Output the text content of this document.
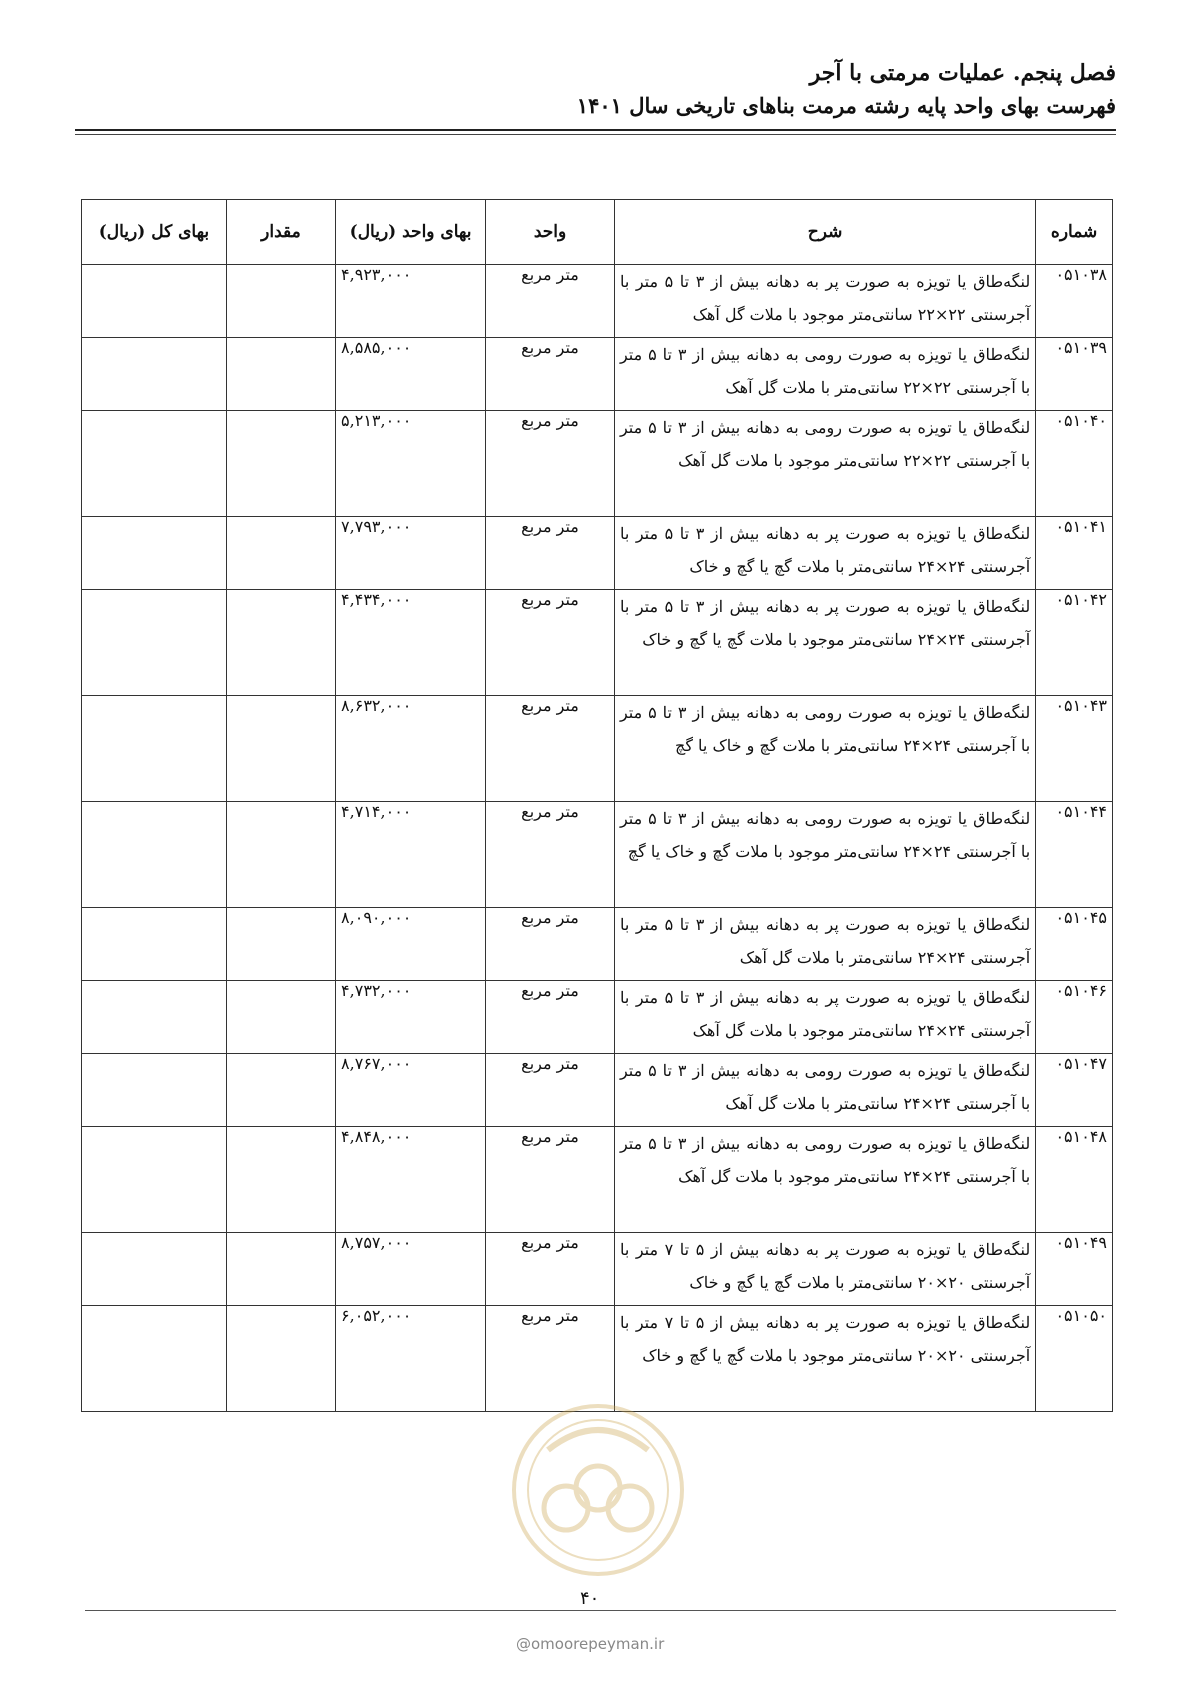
فصل پنجم. عملیات مرمتی با آجر
فهرست بهای واحد پایه رشته مرمت بناهای تاریخی سال ۱۴۰۱
شماره	شرح	واحد	بهای واحد (ریال)	مقدار	بهای کل (ریال)
۰۵۱۰۳۸	لنگه‌طاق یا تویزه به صورت پر به دهانه بیش از ۳ تا ۵ متر با آجرسنتی ۲۲×۲۲ سانتی‌متر موجود با ملات گل آهک	متر مربع	۴,۹۲۳,۰۰۰		
۰۵۱۰۳۹	لنگه‌طاق یا تویزه به صورت رومی به دهانه بیش از ۳ تا ۵ متر با آجرسنتی ۲۲×۲۲ سانتی‌متر با ملات گل آهک	متر مربع	۸,۵۸۵,۰۰۰		
۰۵۱۰۴۰	لنگه‌طاق یا تویزه به صورت رومی به دهانه بیش از ۳ تا ۵ متر با آجرسنتی ۲۲×۲۲ سانتی‌متر موجود با ملات گل آهک	متر مربع	۵,۲۱۳,۰۰۰		
۰۵۱۰۴۱	لنگه‌طاق یا تویزه به صورت پر به دهانه بیش از ۳ تا ۵ متر با آجرسنتی ۲۴×۲۴ سانتی‌متر با ملات گچ یا گچ و خاک	متر مربع	۷,۷۹۳,۰۰۰		
۰۵۱۰۴۲	لنگه‌طاق یا تویزه به صورت پر به دهانه بیش از ۳ تا ۵ متر با آجرسنتی ۲۴×۲۴ سانتی‌متر موجود با ملات گچ یا گچ و خاک	متر مربع	۴,۴۳۴,۰۰۰		
۰۵۱۰۴۳	لنگه‌طاق یا تویزه به صورت رومی به دهانه بیش از ۳ تا ۵ متر با آجرسنتی ۲۴×۲۴ سانتی‌متر با ملات گچ و خاک یا گچ	متر مربع	۸,۶۳۲,۰۰۰		
۰۵۱۰۴۴	لنگه‌طاق یا تویزه به صورت رومی به دهانه بیش از ۳ تا ۵ متر با آجرسنتی ۲۴×۲۴ سانتی‌متر موجود با ملات گچ و خاک یا گچ	متر مربع	۴,۷۱۴,۰۰۰		
۰۵۱۰۴۵	لنگه‌طاق یا تویزه به صورت پر به دهانه بیش از ۳ تا ۵ متر با آجرسنتی ۲۴×۲۴ سانتی‌متر با ملات گل آهک	متر مربع	۸,۰۹۰,۰۰۰		
۰۵۱۰۴۶	لنگه‌طاق یا تویزه به صورت پر به دهانه بیش از ۳ تا ۵ متر با آجرسنتی ۲۴×۲۴ سانتی‌متر موجود با ملات گل آهک	متر مربع	۴,۷۳۲,۰۰۰		
۰۵۱۰۴۷	لنگه‌طاق یا تویزه به صورت رومی به دهانه بیش از ۳ تا ۵ متر با آجرسنتی ۲۴×۲۴ سانتی‌متر با ملات گل آهک	متر مربع	۸,۷۶۷,۰۰۰		
۰۵۱۰۴۸	لنگه‌طاق یا تویزه به صورت رومی به دهانه بیش از ۳ تا ۵ متر با آجرسنتی ۲۴×۲۴ سانتی‌متر موجود با ملات گل آهک	متر مربع	۴,۸۴۸,۰۰۰		
۰۵۱۰۴۹	لنگه‌طاق یا تویزه به صورت پر به دهانه بیش از ۵ تا ۷ متر با آجرسنتی ۲۰×۲۰ سانتی‌متر با ملات گچ یا گچ و خاک	متر مربع	۸,۷۵۷,۰۰۰		
۰۵۱۰۵۰	لنگه‌طاق یا تویزه به صورت پر به دهانه بیش از ۵ تا ۷ متر با آجرسنتی ۲۰×۲۰ سانتی‌متر موجود با ملات گچ یا گچ و خاک	متر مربع	۶,۰۵۲,۰۰۰		
۴۰
@omoorepeyman.ir
